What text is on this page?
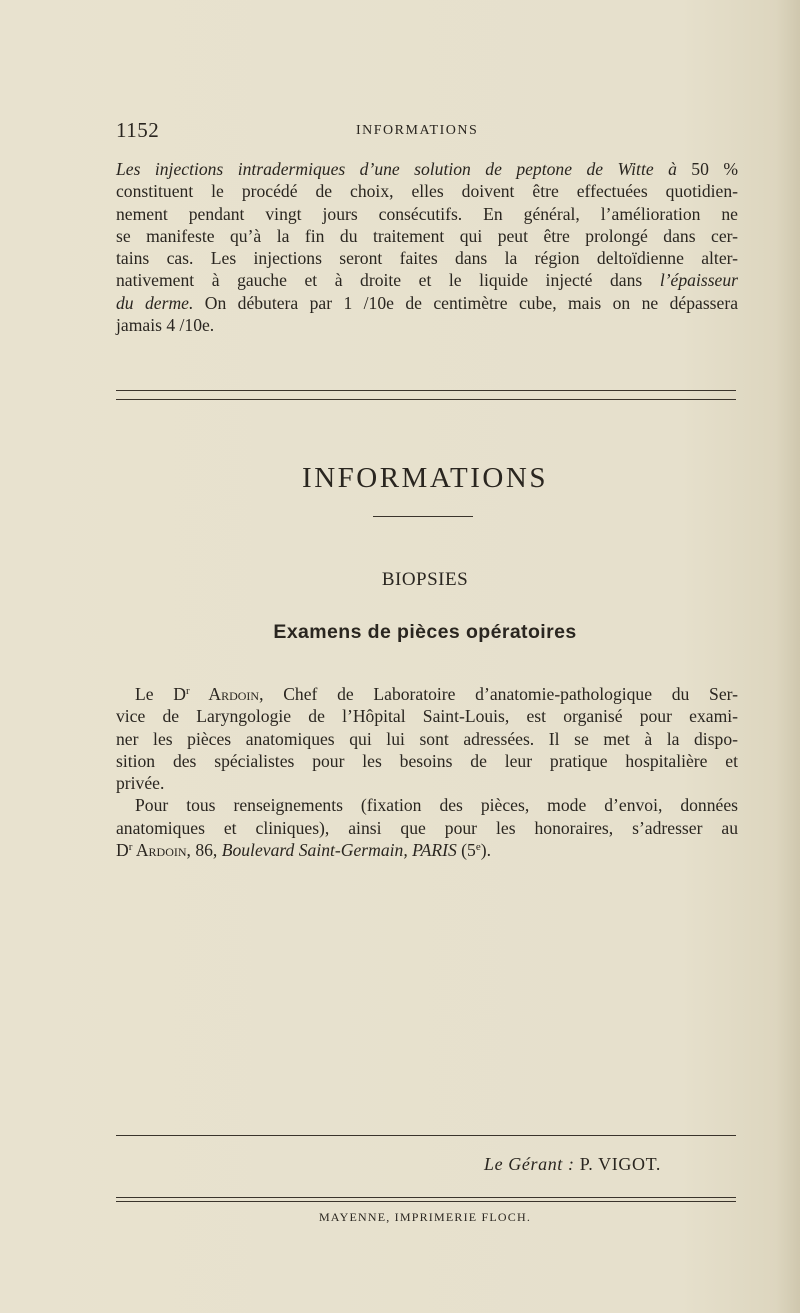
1152	INFORMATIONS
Les injections intradermiques d’une solution de peptone de Witte à 50 %
constituent le procédé de choix, elles doivent être effectuées quotidien-
nement pendant vingt jours consécutifs. En général, l’amélioration ne
se manifeste qu’à la fin du traitement qui peut être prolongé dans cer-
tains cas. Les injections seront faites dans la région deltoïdienne alter-
nativement à gauche et à droite et le liquide injecté dans l’épaisseur
du derme. On débutera par 1 /10e de centimètre cube, mais on ne dépassera
jamais 4 /10e.
INFORMATIONS
BIOPSIES
Examens de pièces opératoires
Le $D^r$ Ardoin, Chef de Laboratoire d’anatomie-pathologique du Ser-
vice de Laryngologie de l’Hôpital Saint-Louis, est organisé pour exami-
ner les pièces anatomiques qui lui sont adressées. Il se met à la dispo-
sition des spécialistes pour les besoins de leur pratique hospitalière et
privée.
Pour tous renseignements (fixation des pièces, mode d’envoi, données
anatomiques et cliniques), ainsi que pour les honoraires, s’adresser au
$D^r$ Ardoin, 86, Boulevard Saint-Germain, PARIS (5e).
Le Gérant : P. VIGOT.
MAYENNE, IMPRIMERIE FLOCH.
